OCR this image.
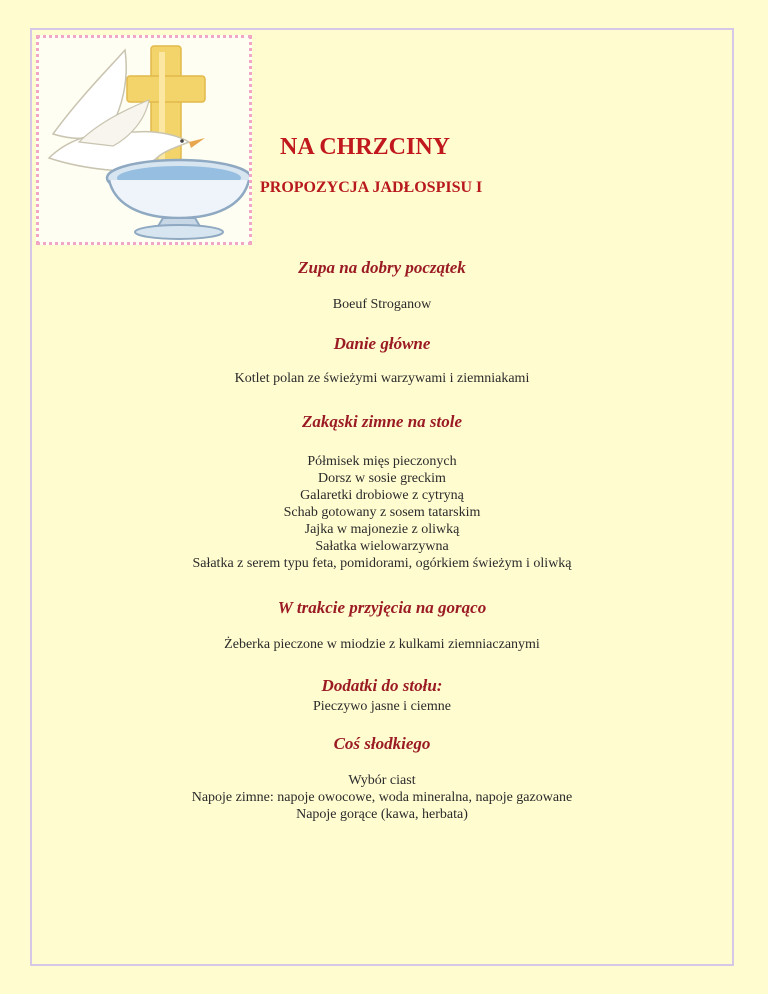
NA CHRZCINY
PROPOZYCJA JADŁOSPISU I
Zupa na dobry początek
Boeuf Stroganow
Danie główne
Kotlet polan ze świeżymi warzywami i ziemniakami
Zakąski zimne na stole
Półmisek mięs pieczonych
Dorsz w sosie greckim
Galaretki drobiowe z cytryną
Schab gotowany z sosem tatarskim
Jajka w majonezie z oliwką
Sałatka wielowarzywna
Sałatka z serem typu feta, pomidorami, ogórkiem świeżym i oliwką
W trakcie przyjęcia na gorąco
Żeberka pieczone w miodzie z kulkami ziemniaczanymi
Dodatki do stołu:
Pieczywo jasne i ciemne
Coś słodkiego
Wybór ciast
Napoje zimne: napoje owocowe, woda mineralna, napoje gazowane
Napoje gorące (kawa, herbata)
